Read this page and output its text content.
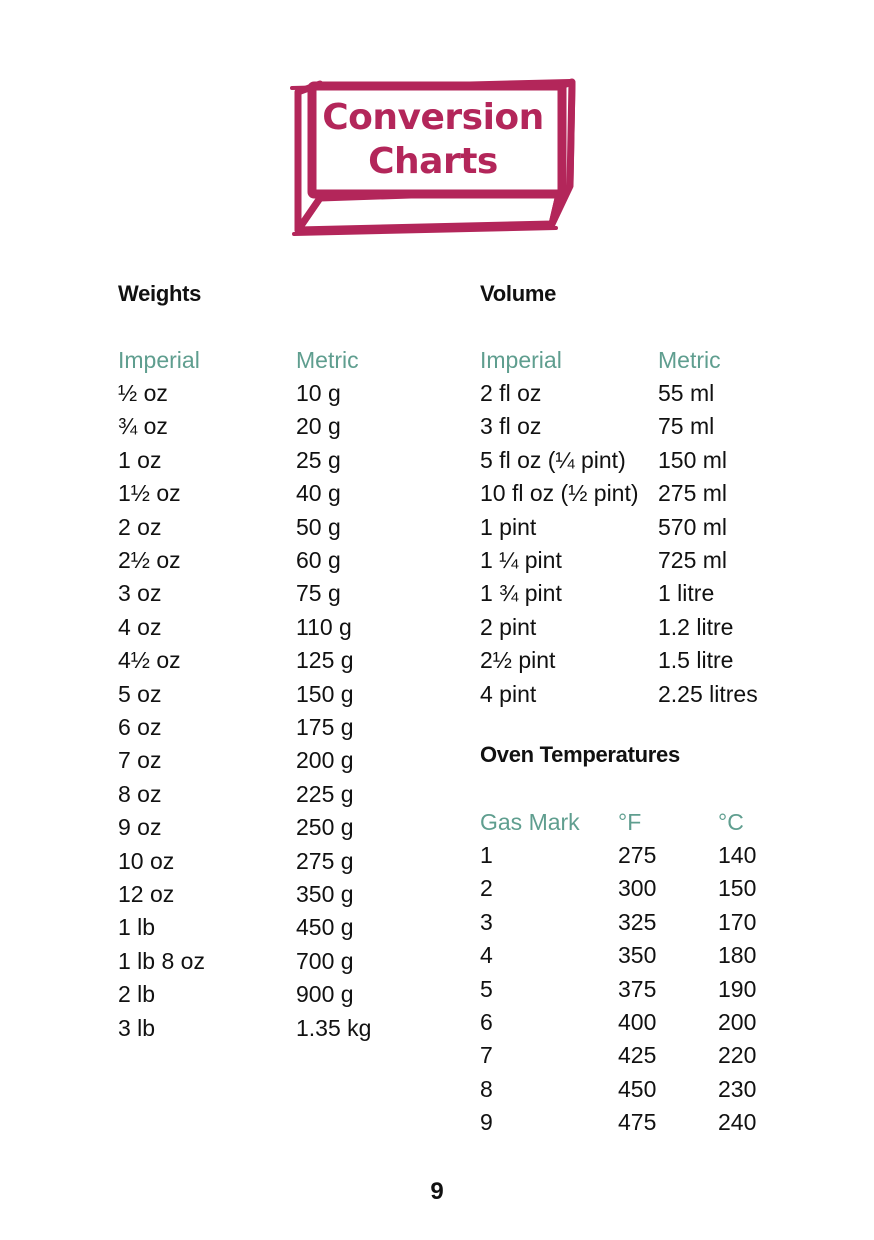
Conversion
Charts
Weights
Imperial	Metric
½ oz	10 g
¾ oz	20 g
1 oz	25 g
1½ oz	40 g
2 oz	50 g
2½ oz	60 g
3 oz	75 g
4 oz	110 g
4½ oz	125 g
5 oz	150 g
6 oz	175 g
7 oz	200 g
8 oz	225 g
9 oz	250 g
10 oz	275 g
12 oz	350 g
1 lb	450 g
1 lb 8 oz	700 g
2 lb	900 g
3 lb	1.35 kg
Volume
Imperial	Metric
2 fl oz	55 ml
3 fl oz	75 ml
5 fl oz (¼ pint) 150 ml
10 fl oz (½ pint) 275 ml
1 pint	570 ml
1 ¼ pint	725 ml
1 ¾ pint	1 litre
2 pint	1.2 litre
2½ pint	1.5 litre
4 pint	2.25 litres
Oven Temperatures
Gas Mark °F	°C
1	275	140
2	300	150
3	325	170
4	350	180
5	375	190
6	400	200
7	425	220
8	450	230
9	475	240
9
